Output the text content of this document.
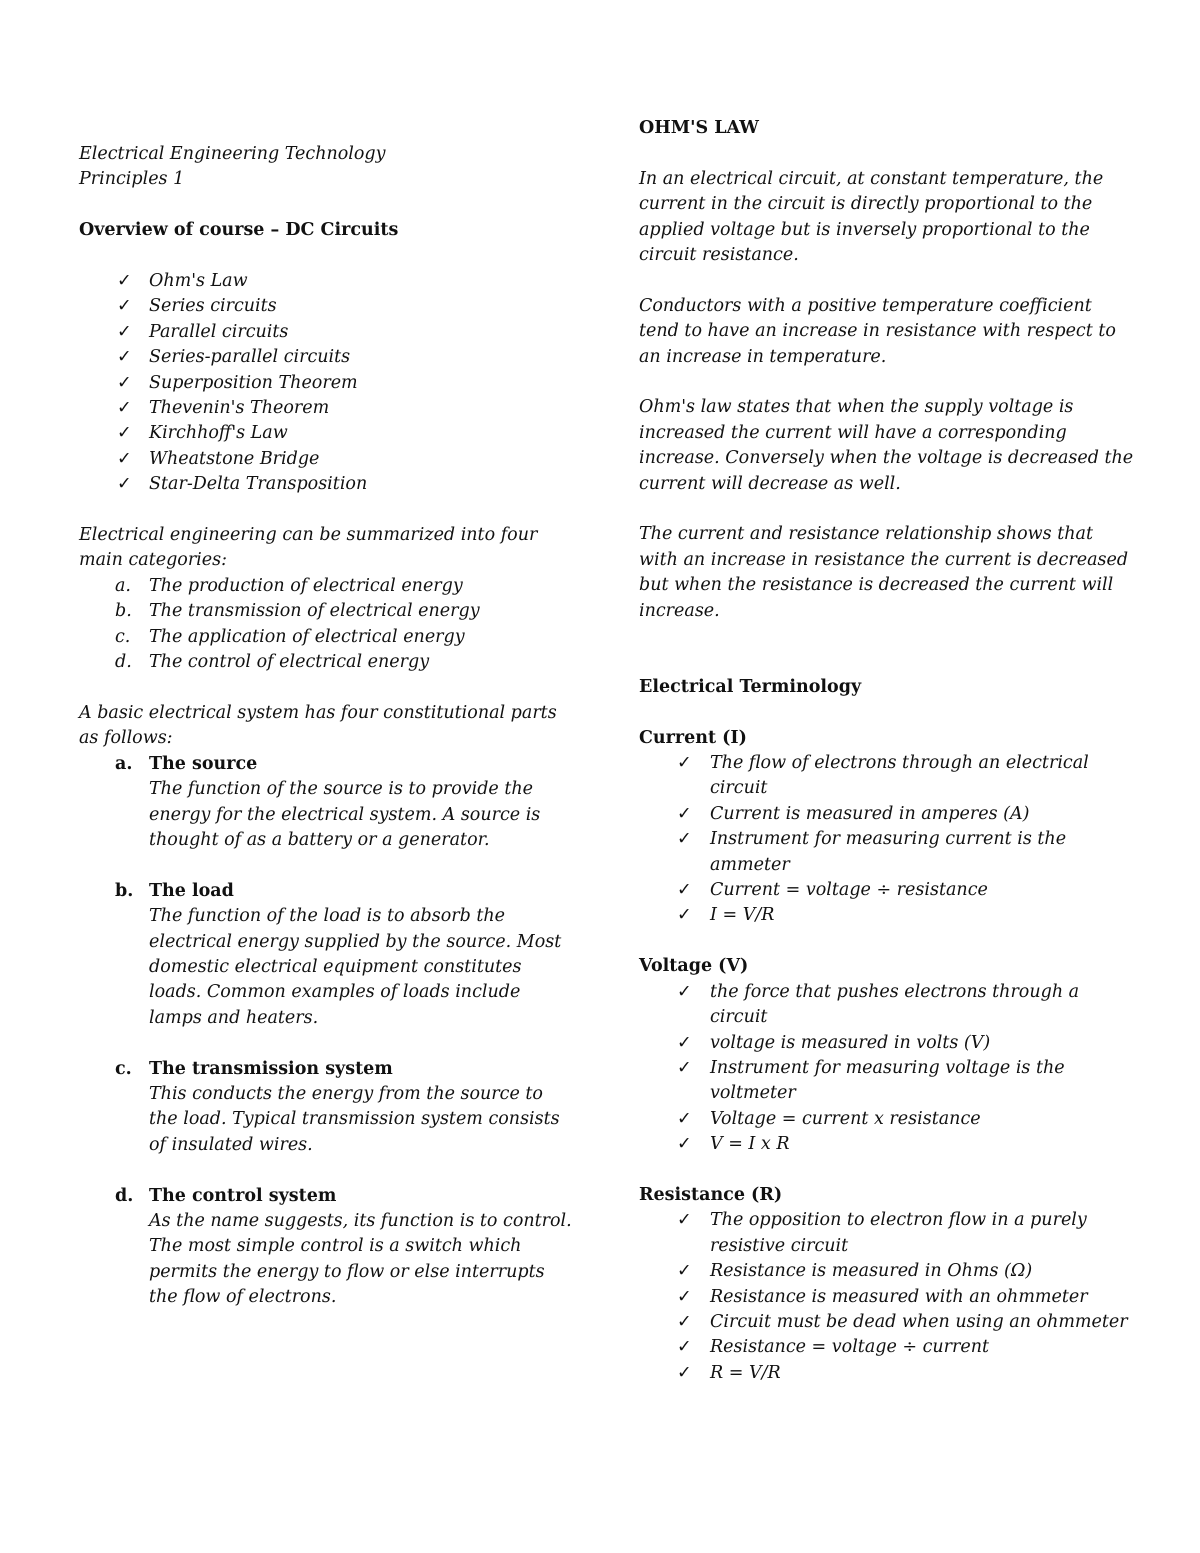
Electrical Engineering Technology

Principles 1

Overview of course – DC Circuits

✓ Ohm's Law
✓ Series circuits
✓ Parallel circuits
✓ Series-parallel circuits
✓ Superposition Theorem
✓ Thevenin's Theorem
✓ Kirchhoff's Law
✓ Wheatstone Bridge
✓ Star-Delta Transposition

Electrical engineering can be summarized into four
main categories:

a. The production of electrical energy
b. The transmission of electrical energy
c. The application of electrical energy
d. The control of electrical energy

A basic electrical system has four constitutional parts
as follows:

a. The source
The function of the source is to provide the
energy for the electrical system. A source is
thought of as a battery or a generator.
b. The load
The function of the load is to absorb the
electrical energy supplied by the source. Most
domestic electrical equipment constitutes
loads. Common examples of loads include
lamps and heaters.
c. The transmission system
This conducts the energy from the source to
the load. Typical transmission system consists
of insulated wires.
d. The control system
As the name suggests, its function is to control.
The most simple control is a switch which
permits the energy to flow or else interrupts
the flow of electrons.

OHM'S LAW

In an electrical circuit, at constant temperature, the
current in the circuit is directly proportional to the
applied voltage but is inversely proportional to the
circuit resistance.

Conductors with a positive temperature coefficient
tend to have an increase in resistance with respect to
an increase in temperature.

Ohm's law states that when the supply voltage is
increased the current will have a corresponding
increase. Conversely when the voltage is decreased the
current will decrease as well.

The current and resistance relationship shows that
with an increase in resistance the current is decreased
but when the resistance is decreased the current will
increase.

Electrical Terminology

Current (I)

✓ The flow of electrons through an electrical
circuit
✓ Current is measured in amperes (A)
✓ Instrument for measuring current is the
ammeter
✓ Current = voltage ÷ resistance
✓ I = V/R

Voltage (V)

✓ the force that pushes electrons through a
circuit
✓ voltage is measured in volts (V)
✓ Instrument for measuring voltage is the
voltmeter
✓ Voltage = current x resistance
✓ V = I x R

Resistance (R)

✓ The opposition to electron flow in a purely
resistive circuit
✓ Resistance is measured in Ohms (Ω)
✓ Resistance is measured with an ohmmeter
✓ Circuit must be dead when using an ohmmeter
✓ Resistance = voltage ÷ current
✓ R = V/R
